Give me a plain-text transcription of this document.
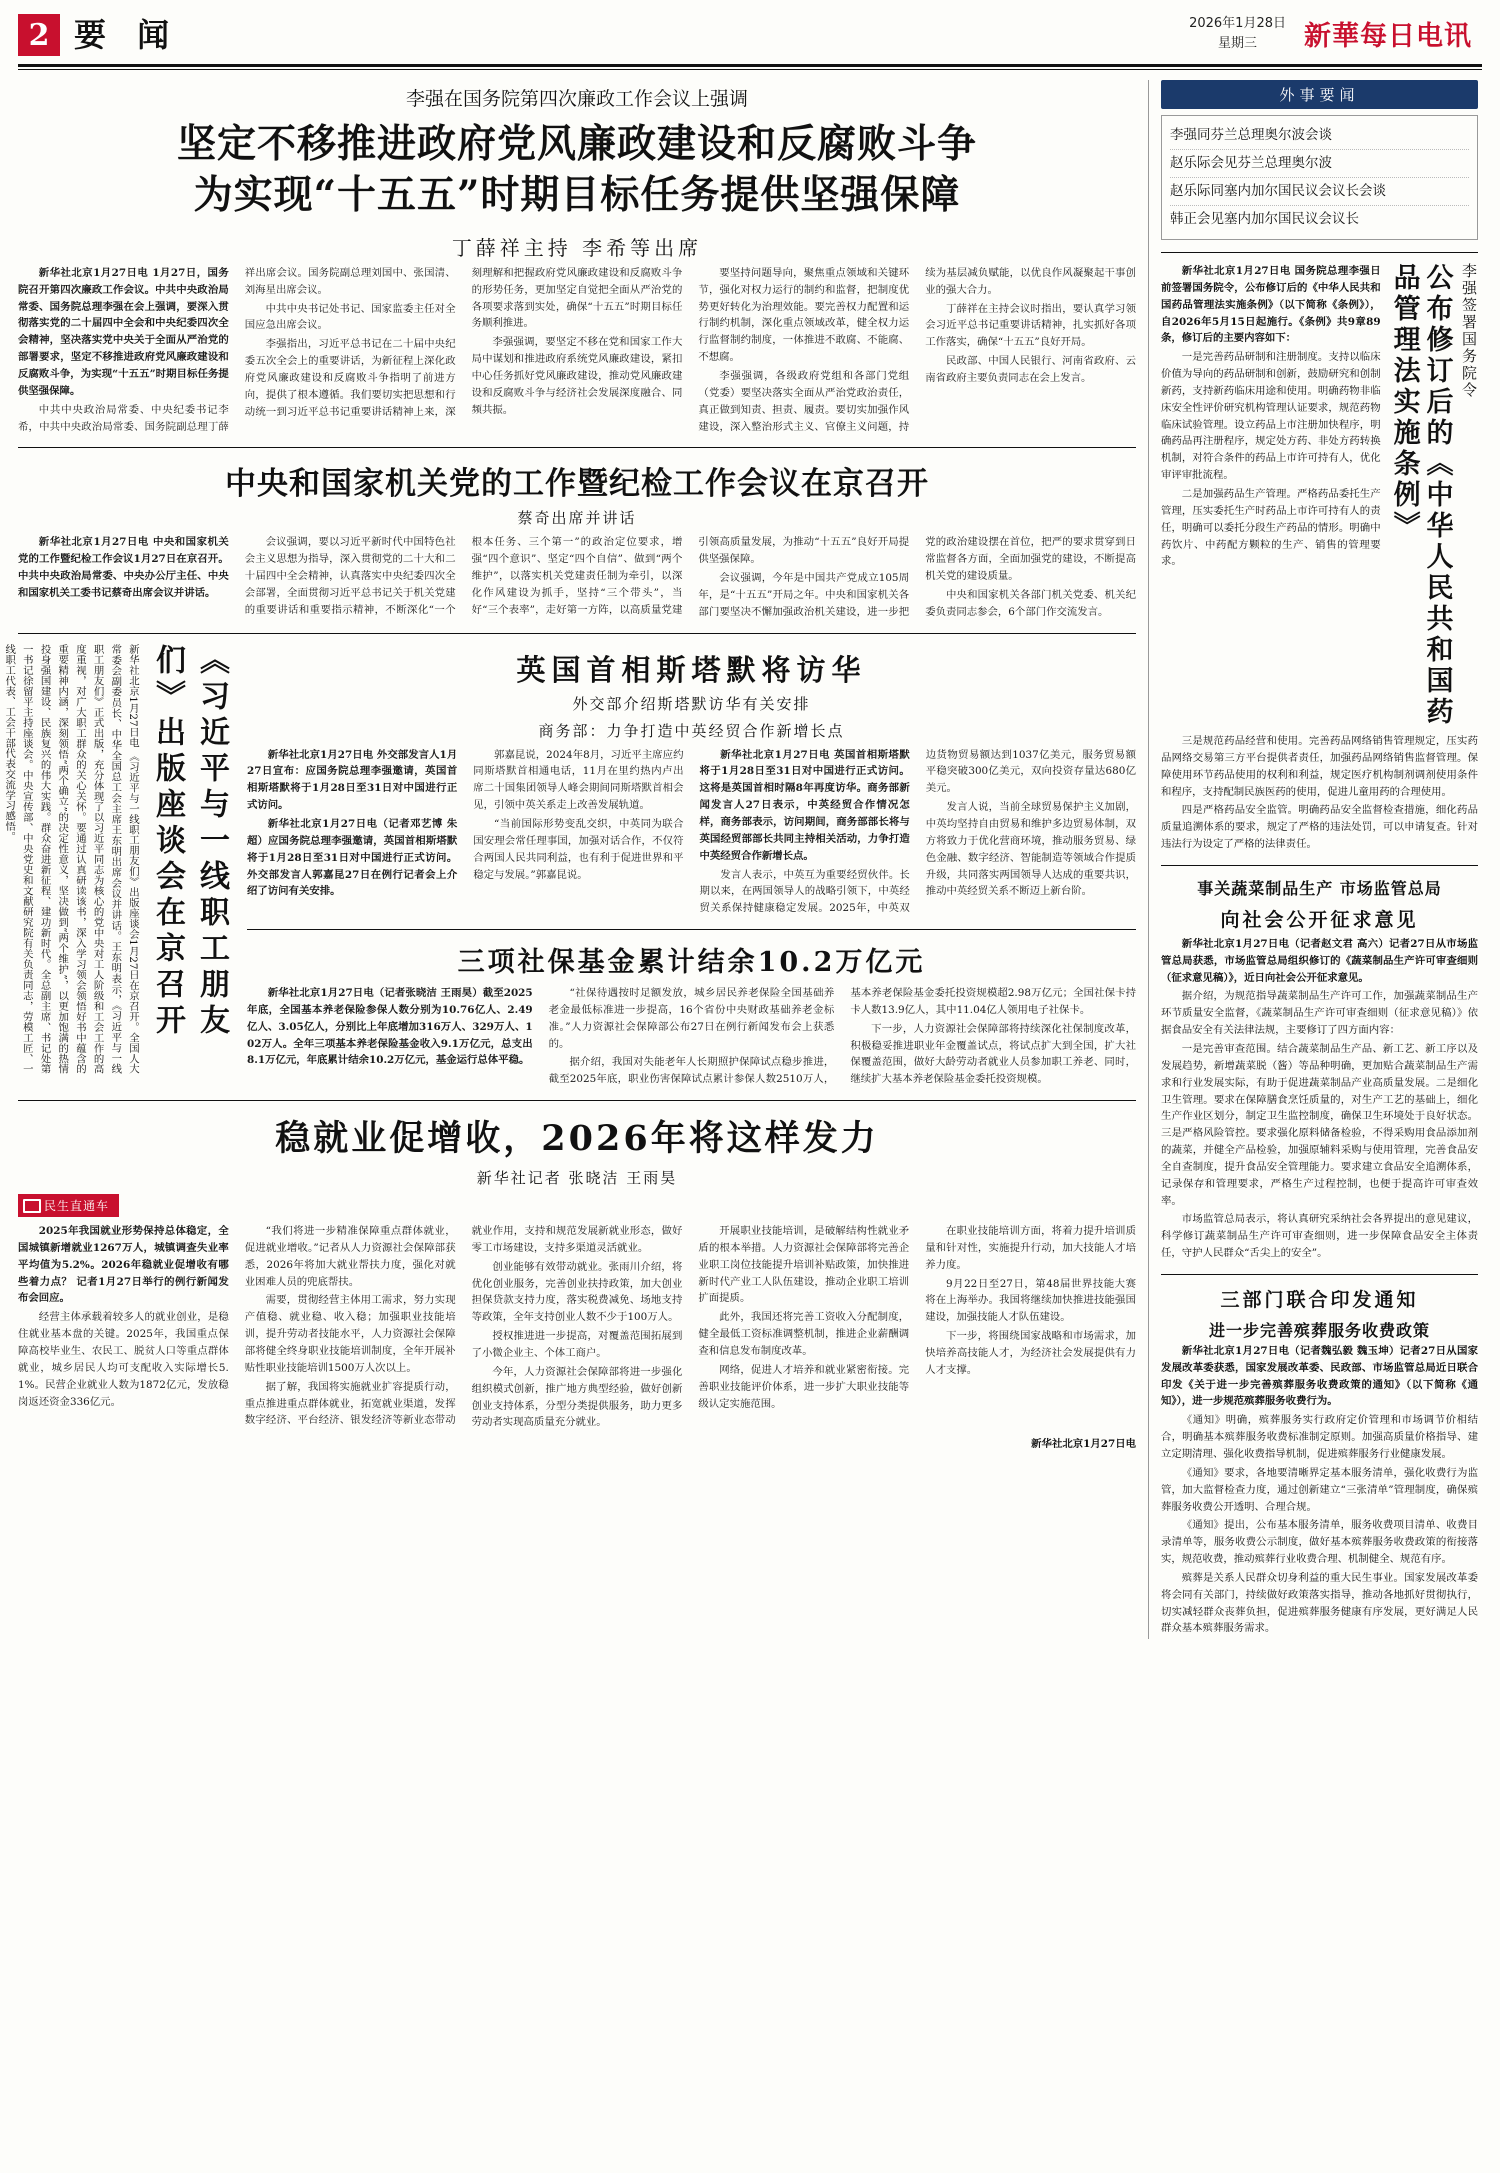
2 要 闻	2026年1月28日
星期三	新華每日电讯
李强在国务院第四次廉政工作会议上强调
坚定不移推进政府党风廉政建设和反腐败斗争
为实现“十五五”时期目标任务提供坚强保障
丁薛祥主持 李希等出席

新华社北京1月27日电 1月27日，国务院召开第四次廉政工作会议。中共中央政治局常委、国务院总理李强在会上强调，要深入贯彻落实党的二十届四中全会和中央纪委四次全会精神，坚决落实党中央关于全面从严治党的部署要求，坚定不移推进政府党风廉政建设和反腐败斗争，为实现“十五五”时期目标任务提供坚强保障。

中共中央政治局常委、中央纪委书记李希，中共中央政治局常委、国务院副总理丁薛祥出席会议。国务院副总理刘国中、张国清、刘海星出席会议。

中共中央书记处书记、国家监委主任对全国应急出席会议。

李强指出，习近平总书记在二十届中央纪委五次全会上的重要讲话，为新征程上深化政府党风廉政建设和反腐败斗争指明了前进方向，提供了根本遵循。我们要切实把思想和行动统一到习近平总书记重要讲话精神上来，深刻理解和把握政府党风廉政建设和反腐败斗争的形势任务，更加坚定自觉把全面从严治党的各项要求落到实处，确保“十五五”时期目标任务顺利推进。

李强强调，要坚定不移在党和国家工作大局中谋划和推进政府系统党风廉政建设，紧扣中心任务抓好党风廉政建设，推动党风廉政建设和反腐败斗争与经济社会发展深度融合、同频共振。

要坚持问题导向，聚焦重点领域和关键环节，强化对权力运行的制约和监督，把制度优势更好转化为治理效能。要完善权力配置和运行制约机制，深化重点领域改革，健全权力运行监督制约制度，一体推进不敢腐、不能腐、不想腐。

李强强调，各级政府党组和各部门党组（党委）要坚决落实全面从严治党政治责任，真正做到知责、担责、履责。要切实加强作风建设，深入整治形式主义、官僚主义问题，持续为基层减负赋能，以优良作风凝聚起干事创业的强大合力。

丁薛祥在主持会议时指出，要认真学习领会习近平总书记重要讲话精神，扎实抓好各项工作落实，确保“十五五”良好开局。

民政部、中国人民银行、河南省政府、云南省政府主要负责同志在会上发言。

中央和国家机关党的工作暨纪检工作会议在京召开
蔡奇出席并讲话

新华社北京1月27日电 中央和国家机关党的工作暨纪检工作会议1月27日在京召开。中共中央政治局常委、中央办公厅主任、中央和国家机关工委书记蔡奇出席会议并讲话。

会议强调，要以习近平新时代中国特色社会主义思想为指导，深入贯彻党的二十大和二十届四中全会精神，认真落实中央纪委四次全会部署，全面贯彻习近平总书记关于机关党建的重要讲话和重要指示精神，不断深化“一个根本任务、三个第一”的政治定位要求，增强“四个意识”、坚定“四个自信”、做到“两个维护”，以落实机关党建责任制为牵引，以深化作风建设为抓手，坚持“三个带头”，当好“三个表率”，走好第一方阵，以高质量党建引领高质量发展，为推动“十五五”良好开局提供坚强保障。

会议强调，今年是中国共产党成立105周年，是“十五五”开局之年。中央和国家机关各部门要坚决不懈加强政治机关建设，进一步把党的政治建设摆在首位，把严的要求贯穿到日常监督各方面，全面加强党的建设，不断提高机关党的建设质量。

中央和国家机关各部门机关党委、机关纪委负责同志参会，6个部门作交流发言。

《习近平与一线职工朋友们》出版座谈会在京召开
新华社北京1月27日电 《习近平与一线职工朋友们》出版座谈会1月27日在京召开。全国人大常委会副委员长、中华全国总工会主席王东明出席会议并讲话。王东明表示，《习近平与一线职工朋友们》正式出版，充分体现了以习近平同志为核心的党中央对工人阶级和工会工作的高度重视，对广大职工群众的关心关怀。要通过认真研读该书，深入学习领会领悟好书中蕴含的重要精神内涵，深刻领悟“两个确立”的决定性意义，坚决做到“两个维护”，以更加饱满的热情投身强国建设、民族复兴的伟大实践。群众奋进新征程、建功新时代。全总副主席、书记处第一书记徐留平主持座谈会。中央宣传部、中央党史和文献研究院有关负责同志，劳模工匠、一线职工代表、工会干部代表交流学习感悟。	英国首相斯塔默将访华
外交部介绍斯塔默访华有关安排
商务部：力争打造中英经贸合作新增长点

新华社北京1月27日电 外交部发言人1月27日宣布：应国务院总理李强邀请，英国首相斯塔默将于1月28日至31日对中国进行正式访问。

新华社北京1月27日电（记者邓艺博 朱超）应国务院总理李强邀请，英国首相斯塔默将于1月28日至31日对中国进行正式访问。外交部发言人郭嘉昆27日在例行记者会上介绍了访问有关安排。

郭嘉昆说，2024年8月，习近平主席应约同斯塔默首相通电话，11月在里约热内卢出席二十国集团领导人峰会期间同斯塔默首相会见，引领中英关系走上改善发展轨道。

“当前国际形势变乱交织，中英同为联合国安理会常任理事国，加强对话合作，不仅符合两国人民共同利益，也有利于促进世界和平稳定与发展。”郭嘉昆说。

新华社北京1月27日电 英国首相斯塔默将于1月28日至31日对中国进行正式访问。这将是英国首相时隔8年再度访华。商务部新闻发言人27日表示，中英经贸合作情况怎样，商务部表示，访问期间，商务部部长将与英国经贸部部长共同主持相关活动，力争打造中英经贸合作新增长点。

发言人表示，中英互为重要经贸伙伴。长期以来，在两国领导人的战略引领下，中英经贸关系保持健康稳定发展。2025年，中英双边货物贸易额达到1037亿美元，服务贸易额平稳突破300亿美元，双向投资存量达680亿美元。

发言人说，当前全球贸易保护主义加剧，中英均坚持自由贸易和维护多边贸易体制，双方将致力于优化营商环境，推动服务贸易、绿色金融、数字经济、智能制造等领域合作提质升级，共同落实两国领导人达成的重要共识，推动中英经贸关系不断迈上新台阶。

三项社保基金累计结余10.2万亿元

新华社北京1月27日电（记者张晓洁 王雨昊）截至2025年底，全国基本养老保险参保人数分别为10.76亿人、2.49亿人、3.05亿人，分别比上年底增加316万人、329万人、102万人。全年三项基本养老保险基金收入9.1万亿元，总支出8.1万亿元，年底累计结余10.2万亿元，基金运行总体平稳。

“社保待遇按时足额发放，城乡居民养老保险全国基础养老金最低标准进一步提高，16个省份中央财政基础养老金标准。”人力资源社会保障部公布27日在例行新闻发布会上获悉的。

据介绍，我国对失能老年人长期照护保障试点稳步推进，截至2025年底，职业伤害保障试点累计参保人数2510万人，基本养老保险基金委托投资规模超2.98万亿元；全国社保卡持卡人数13.9亿人，其中11.04亿人领用电子社保卡。

下一步，人力资源社会保障部将持续深化社保制度改革，积极稳妥推进职业年金覆盖试点，将试点扩大到全国，扩大社保覆盖范围，做好大龄劳动者就业人员参加职工养老、同时，继续扩大基本养老保险基金委托投资规模。

稳就业促增收，2026年将这样发力
新华社记者 张晓洁 王雨昊
民生直通车

2025年我国就业形势保持总体稳定，全国城镇新增就业1267万人，城镇调查失业率平均值为5.2%。2026年稳就业促增收有哪些着力点？ 记者1月27日举行的例行新闻发布会回应。

经营主体承载着较多人的就业创业，是稳住就业基本盘的关键。2025年，我国重点保障高校毕业生、农民工、脱贫人口等重点群体就业，城乡居民人均可支配收入实际增长5.1%。民营企业就业人数为1872亿元，发放稳岗返还资金336亿元。

“我们将进一步精准保障重点群体就业，促进就业增收。”记者从人力资源社会保障部获悉，2026年将加大就业帮扶力度，强化对就业困难人员的兜底帮扶。

需要，贯彻经营主体用工需求，努力实现产值稳、就业稳、收入稳；加强职业技能培训，提升劳动者技能水平，人力资源社会保障部将健全终身职业技能培训制度，全年开展补贴性职业技能培训1500万人次以上。

据了解，我国将实施就业扩容提质行动，重点推进重点群体就业，拓宽就业渠道，发挥数字经济、平台经济、银发经济等新业态带动就业作用，支持和规范发展新就业形态，做好零工市场建设，支持多渠道灵活就业。

创业能够有效带动就业。张雨川介绍，将优化创业服务，完善创业扶持政策，加大创业担保贷款支持力度，落实税费减免、场地支持等政策，全年支持创业人数不少于100万人。

授权推进进一步提高，对覆盖范围拓展到了小微企业主、个体工商户。

今年，人力资源社会保障部将进一步强化组织模式创新，推广地方典型经验，做好创新创业支持体系，分型分类提供服务，助力更多劳动者实现高质量充分就业。

开展职业技能培训，是破解结构性就业矛盾的根本举措。人力资源社会保障部将完善企业职工岗位技能提升培训补贴政策，加快推进新时代产业工人队伍建设，推动企业职工培训扩面提质。

此外，我国还将完善工资收入分配制度，健全最低工资标准调整机制，推进企业薪酬调查和信息发布制度改革。

网络，促进人才培养和就业紧密衔接。完善职业技能评价体系，进一步扩大职业技能等级认定实施范围。

在职业技能培训方面，将着力提升培训质量和针对性，实施提升行动，加大技能人才培养力度。

9月22日至27日，第48届世界技能大赛将在上海举办。我国将继续加快推进技能强国建设，加强技能人才队伍建设。

下一步，将围绕国家战略和市场需求，加快培养高技能人才，为经济社会发展提供有力人才支撑。

新华社北京1月27日电
外事要闻
李强同芬兰总理奥尔波会谈
赵乐际会见芬兰总理奥尔波
赵乐际同塞内加尔国民议会议长会谈
韩正会见塞内加尔国民议会议长
李强签署国务院令
公布修订后的《中华人民共和国药品管理法实施条例》

新华社北京1月27日电 国务院总理李强日前签署国务院令，公布修订后的《中华人民共和国药品管理法实施条例》（以下简称《条例》），自2026年5月15日起施行。《条例》共9章89条，修订后的主要内容如下：

一是完善药品研制和注册制度。支持以临床价值为导向的药品研制和创新，鼓励研究和创制新药，支持新药临床用途和使用。明确药物非临床安全性评价研究机构管理认证要求，规范药物临床试验管理。设立药品上市注册加快程序，明确药品再注册程序，规定处方药、非处方药转换机制，对符合条件的药品上市许可持有人，优化审评审批流程。

二是加强药品生产管理。严格药品委托生产管理，压实委托生产时药品上市许可持有人的责任，明确可以委托分段生产药品的情形。明确中药饮片、中药配方颗粒的生产、销售的管理要求。

三是规范药品经营和使用。完善药品网络销售管理规定，压实药品网络交易第三方平台提供者责任，加强药品网络销售监督管理。保障使用环节药品使用的权利和利益，规定医疗机构制剂调剂使用条件和程序，支持配制民族医药的使用，促进儿童用药的合理使用。

四是严格药品安全监管。明确药品安全监督检查措施，细化药品质量追溯体系的要求，规定了严格的违法处罚，可以申请复查。针对违法行为设定了严格的法律责任。

事关蔬菜制品生产 市场监管总局
向社会公开征求意见

新华社北京1月27日电（记者赵文君 高六）记者27日从市场监管总局获悉，市场监管总局组织修订的《蔬菜制品生产许可审查细则（征求意见稿）》，近日向社会公开征求意见。

据介绍，为规范指导蔬菜制品生产许可工作，加强蔬菜制品生产环节质量安全监督，《蔬菜制品生产许可审查细则（征求意见稿）》依据食品安全有关法律法规，主要修订了四方面内容：

一是完善审查范围。结合蔬菜制品生产品、新工艺、新工序以及发展趋势，新增蔬菜脱（酱）等品种明确，更加贴合蔬菜制品生产需求和行业发展实际，有助于促进蔬菜制品产业高质量发展。二是细化卫生管理。要求在保障膳食烹饪质量的，对生产工艺的基础上，细化生产作业区划分，制定卫生监控制度，确保卫生环境处于良好状态。三是严格风险管控。要求强化原料储备检验，不得采购用食品添加剂的蔬菜，并健全产品检验，加强原辅料采购与使用管理，完善食品安全自查制度，提升食品安全管理能力。要求建立食品安全追溯体系，记录保存和管理要求，严格生产过程控制，也便于提高许可审查效率。

市场监管总局表示，将认真研究采纳社会各界提出的意见建议，科学修订蔬菜制品生产许可审查细则，进一步保障食品安全主体责任，守护人民群众“舌尖上的安全”。

三部门联合印发通知
进一步完善殡葬服务收费政策

新华社北京1月27日电（记者魏弘毅 魏玉坤）记者27日从国家发展改革委获悉，国家发展改革委、民政部、市场监管总局近日联合印发《关于进一步完善殡葬服务收费政策的通知》（以下简称《通知》），进一步规范殡葬服务收费行为。

《通知》明确，殡葬服务实行政府定价管理和市场调节价相结合，明确基本殡葬服务收费标准制定原则。加强高质量价格指导、建立定期清理、强化收费指导机制，促进殡葬服务行业健康发展。

《通知》要求，各地要清晰界定基本服务清单，强化收费行为监管，加大监督检查力度，通过创新建立“三张清单”管理制度，确保殡葬服务收费公开透明、合理合规。

《通知》提出，公布基本服务清单，服务收费项目清单、收费目录清单等，服务收费公示制度，做好基本殡葬服务收费政策的衔接落实，规范收费，推动殡葬行业收费合理、机制健全、规范有序。

殡葬是关系人民群众切身利益的重大民生事业。国家发展改革委将会同有关部门，持续做好政策落实指导，推动各地抓好贯彻执行，切实减轻群众丧葬负担，促进殡葬服务健康有序发展，更好满足人民群众基本殡葬服务需求。
